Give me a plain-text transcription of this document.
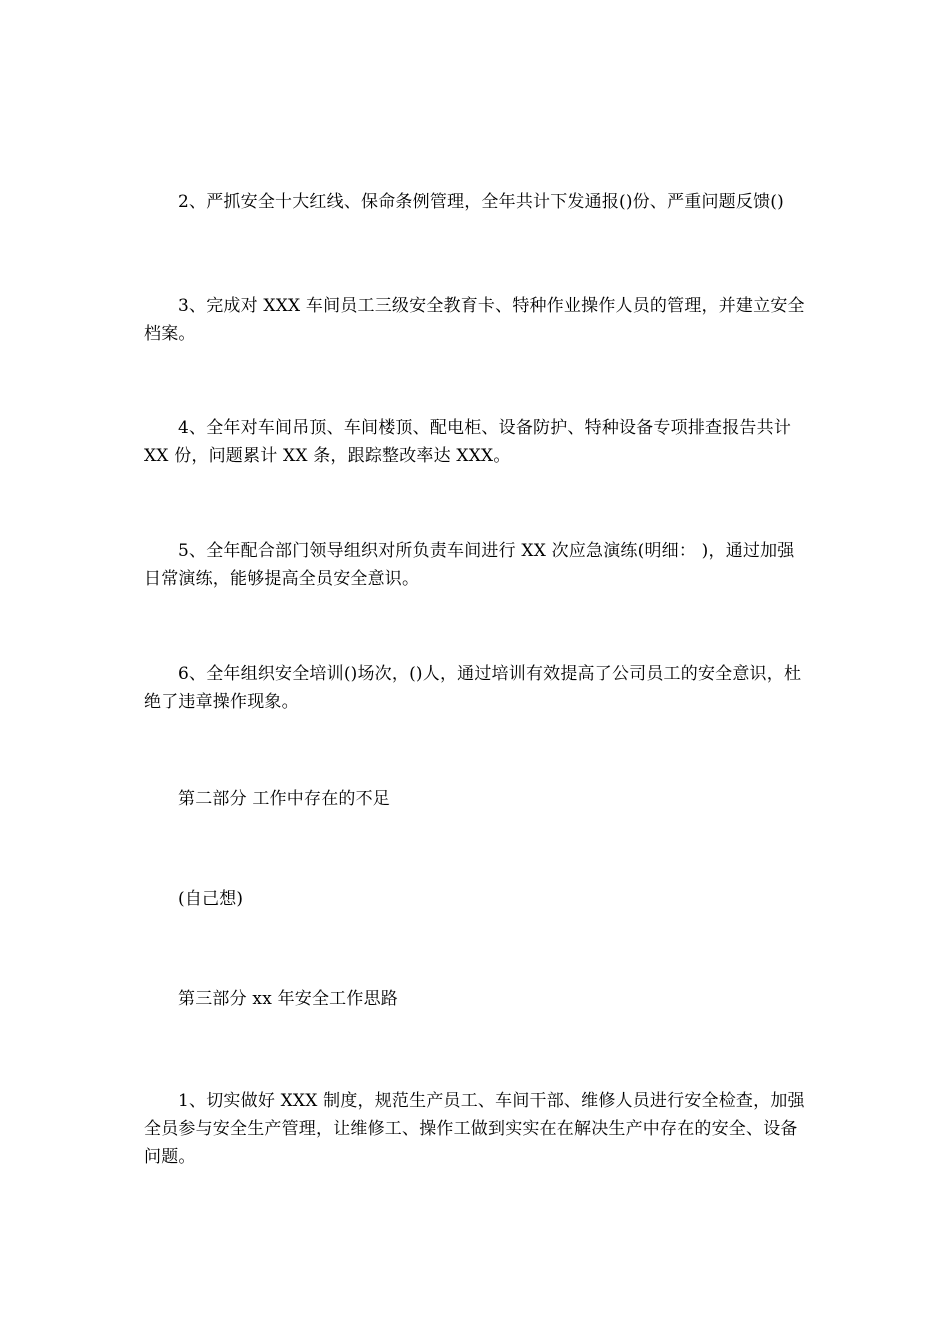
2、严抓安全十大红线、保命条例管理，全年共计下发通报()份、严重问题反馈()

3、完成对 XXX 车间员工三级安全教育卡、特种作业操作人员的管理，并建立安全档案。

4、全年对车间吊顶、车间楼顶、配电柜、设备防护、特种设备专项排查报告共计 XX 份，问题累计 XX 条，跟踪整改率达 XXX。

5、全年配合部门领导组织对所负责车间进行 XX 次应急演练(明细： )，通过加强日常演练，能够提高全员安全意识。

6、全年组织安全培训()场次，()人，通过培训有效提高了公司员工的安全意识，杜绝了违章操作现象。

第二部分 工作中存在的不足

(自己想)

第三部分 xx 年安全工作思路

1、切实做好 XXX 制度，规范生产员工、车间干部、维修人员进行安全检查，加强全员参与安全生产管理，让维修工、操作工做到实实在在解决生产中存在的安全、设备问题。
